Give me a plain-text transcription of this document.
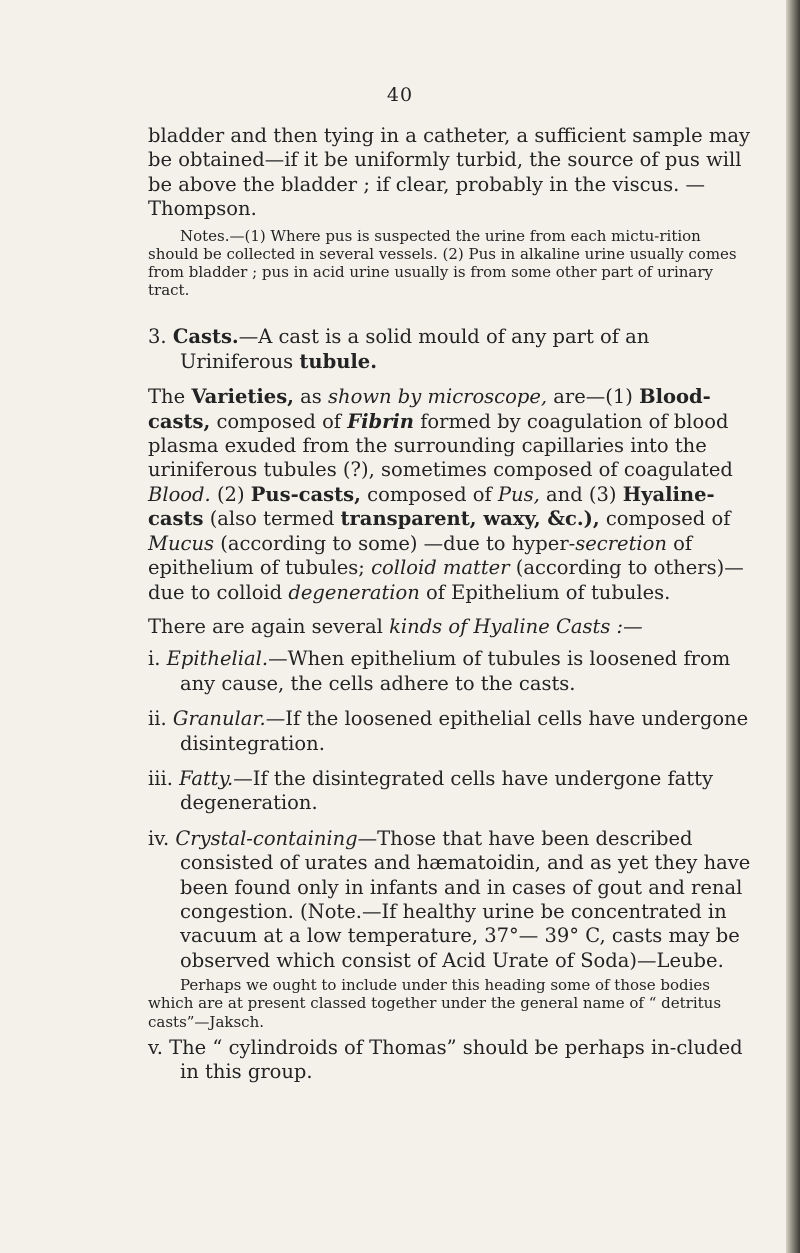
40

bladder and then tying in a catheter, a sufficient sample may be obtained—if it be uniformly turbid, the source of pus will be above the bladder ; if clear, probably in the viscus. —Thompson.

Notes.—(1) Where pus is suspected the urine from each mictu-rition should be collected in several vessels. (2) Pus in alkaline urine usually comes from bladder ; pus in acid urine usually is from some other part of urinary tract.

3. Casts.—A cast is a solid mould of any part of an Uriniferous tubule.

The Varieties, as shown by microscope, are—(1) Blood-casts, composed of Fibrin formed by coagulation of blood plasma exuded from the surrounding capillaries into the uriniferous tubules (?), sometimes composed of coagulated Blood. (2) Pus-casts, composed of Pus, and (3) Hyaline-casts (also termed transparent, waxy, &c.), composed of Mucus (according to some) —due to hyper-secretion of epithelium of tubules; colloid matter (according to others)—due to colloid degeneration of Epithelium of tubules.

There are again several kinds of Hyaline Casts :—

i. Epithelial.—When epithelium of tubules is loosened from any cause, the cells adhere to the casts.

ii. Granular.—If the loosened epithelial cells have undergone disintegration.

iii. Fatty.—If the disintegrated cells have undergone fatty degeneration.

iv. Crystal-containing—Those that have been described consisted of urates and hæmatoidin, and as yet they have been found only in infants and in cases of gout and renal congestion. (Note.—If healthy urine be concentrated in vacuum at a low temperature, 37°— 39° C, casts may be observed which consist of Acid Urate of Soda)—Leube.

Perhaps we ought to include under this heading some of those bodies which are at present classed together under the general name of “ detritus casts”—Jaksch.

v. The “ cylindroids of Thomas” should be perhaps in-cluded in this group.
